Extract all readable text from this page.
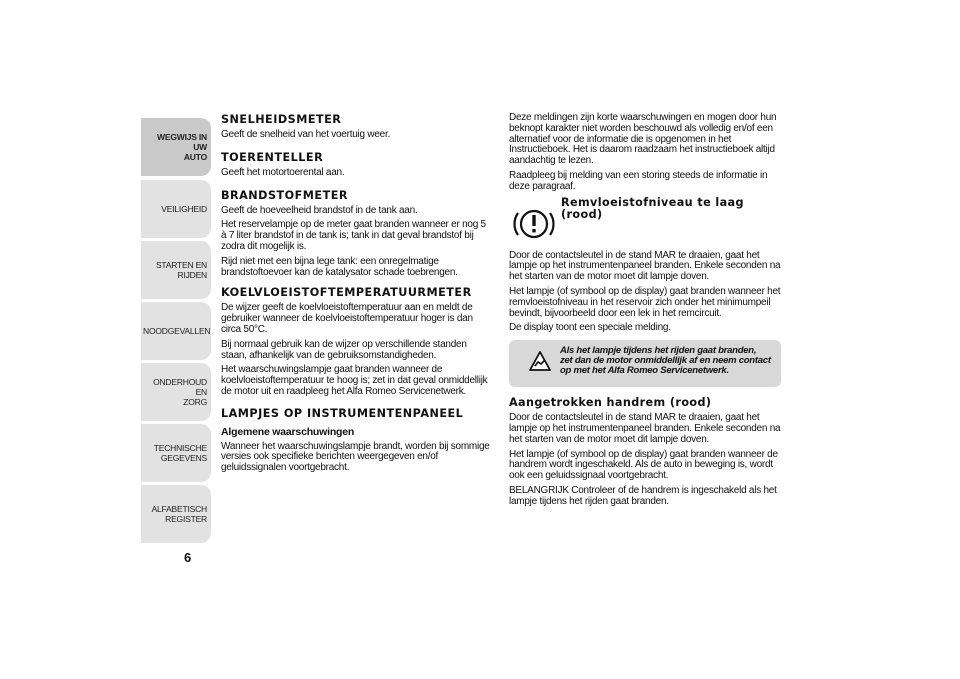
WEGWIJS IN UW
AUTO
VEILIGHEID
STARTEN EN RIJDEN
NOODGEVALLEN
ONDERHOUD EN
ZORG
TECHNISCHE
GEGEVENS
ALFABETISCH
REGISTER
6
SNELHEIDSMETER

Geeft de snelheid van het voertuig weer.

TOERENTELLER

Geeft het motortoerental aan.

BRANDSTOFMETER

Geeft de hoeveelheid brandstof in de tank aan.

Het reservelampje op de meter gaat branden wanneer er nog 5 à 7 liter brandstof in de tank is; tank in dat geval brandstof bij zodra dit mogelijk is.

Rijd niet met een bijna lege tank: een onregelmatige brandstoftoevoer kan de katalysator schade toebrengen.

KOELVLOEISTOFTEMPERATUURMETER

De wijzer geeft de koelvloeistoftemperatuur aan en meldt de gebruiker wanneer de koelvloeistoftemperatuur hoger is dan circa 50°C.

Bij normaal gebruik kan de wijzer op verschillende standen staan, afhankelijk van de gebruiksomstandigheden.

Het waarschuwingslampje gaat branden wanneer de koelvloeistoftemperatuur te hoog is; zet in dat geval onmiddellijk de motor uit en raadpleeg het Alfa Romeo Servicenetwerk.

LAMPJES OP INSTRUMENTENPANEEL
Algemene waarschuwingen

Wanneer het waarschuwingslampje brandt, worden bij sommige versies ook specifieke berichten weergegeven en/of geluidssignalen voortgebracht.

Deze meldingen zijn korte waarschuwingen en mogen door hun beknopt karakter niet worden beschouwd als volledig en/of een alternatief voor de informatie die is opgenomen in het Instructieboek. Het is daarom raadzaam het instructieboek altijd aandachtig te lezen.

Raadpleeg bij melding van een storing steeds de informatie in deze paragraaf.

Remvloeistofniveau te laag (rood)

Door de contactsleutel in de stand MAR te draaien, gaat het lampje op het instrumentenpaneel branden. Enkele seconden na het starten van de motor moet dit lampje doven.

Het lampje (of symbool op de display) gaat branden wanneer het remvloeistofniveau in het reservoir zich onder het minimumpeil bevindt, bijvoorbeeld door een lek in het remcircuit.

De display toont een speciale melding.

Als het lampje tijdens het rijden gaat branden, zet dan de motor onmiddellijk af en neem contact op met het Alfa Romeo Servicenetwerk.
Aangetrokken handrem (rood)

Door de contactsleutel in de stand MAR te draaien, gaat het lampje op het instrumentenpaneel branden. Enkele seconden na het starten van de motor moet dit lampje doven.

Het lampje (of symbool op de display) gaat branden wanneer de handrem wordt ingeschakeld. Als de auto in beweging is, wordt ook een geluidssignaal voortgebracht.

BELANGRIJK Controleer of de handrem is ingeschakeld als het lampje tijdens het rijden gaat branden.
